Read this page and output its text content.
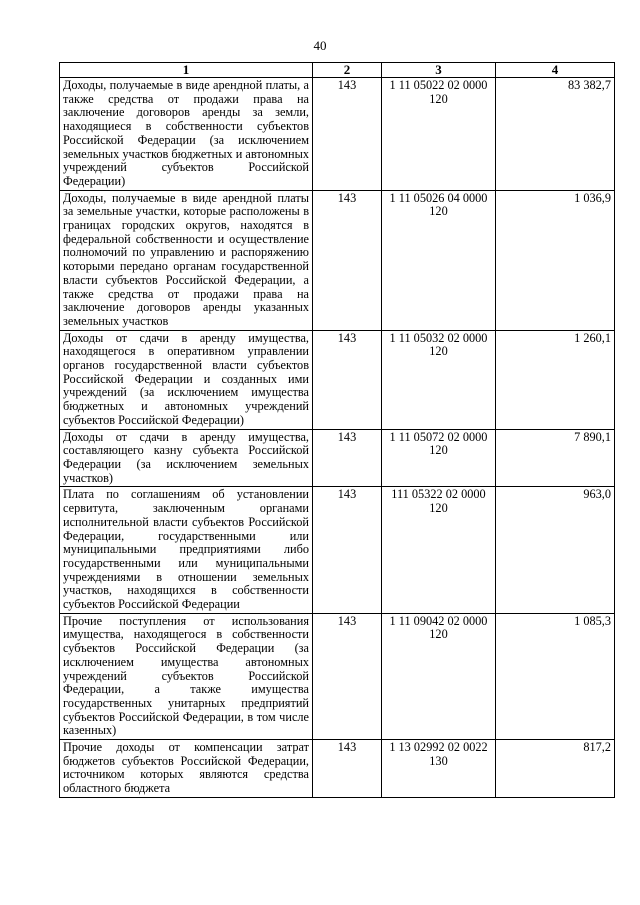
40
1	2	3	4
Доходы, получаемые в виде арендной платы, а также средства от продажи права на заключение договоров аренды за земли, находящиеся в собственности субъектов Российской Федерации (за исключением земельных участков бюджетных и автономных учреждений субъектов Российской Федерации)	143	1 11 05022 02 0000 120	83 382,7
Доходы, получаемые в виде арендной платы за земельные участки, которые расположены в границах городских округов, находятся в федеральной собственности и осуществление полномочий по управлению и распоряжению которыми передано органам государственной власти субъектов Российской Федерации, а также средства от продажи права на заключение договоров аренды указанных земельных участков	143	1 11 05026 04 0000 120	1 036,9
Доходы от сдачи в аренду имущества, находящегося в оперативном управлении органов государственной власти субъектов Российской Федерации и созданных ими учреждений (за исключением имущества бюджетных и автономных учреждений субъектов Российской Федерации)	143	1 11 05032 02 0000 120	1 260,1
Доходы от сдачи в аренду имущества, составляющего казну субъекта Российской Федерации (за исключением земельных участков)	143	1 11 05072 02 0000 120	7 890,1
Плата по соглашениям об установлении сервитута, заключенным органами исполнительной власти субъектов Российской Федерации, государственными или муниципальными предприятиями либо государственными или муниципальными учреждениями в отношении земельных участков, находящихся в собственности субъектов Российской Федерации	143	111 05322 02 0000 120	963,0
Прочие поступления от использования имущества, находящегося в собственности субъектов Российской Федерации (за исключением имущества автономных учреждений субъектов Российской Федерации, а также имущества государственных унитарных предприятий субъектов Российской Федерации, в том числе казенных)	143	1 11 09042 02 0000 120	1 085,3
Прочие доходы от компенсации затрат бюджетов субъектов Российской Федерации, источником которых являются средства областного бюджета	143	1 13 02992 02 0022 130	817,2
